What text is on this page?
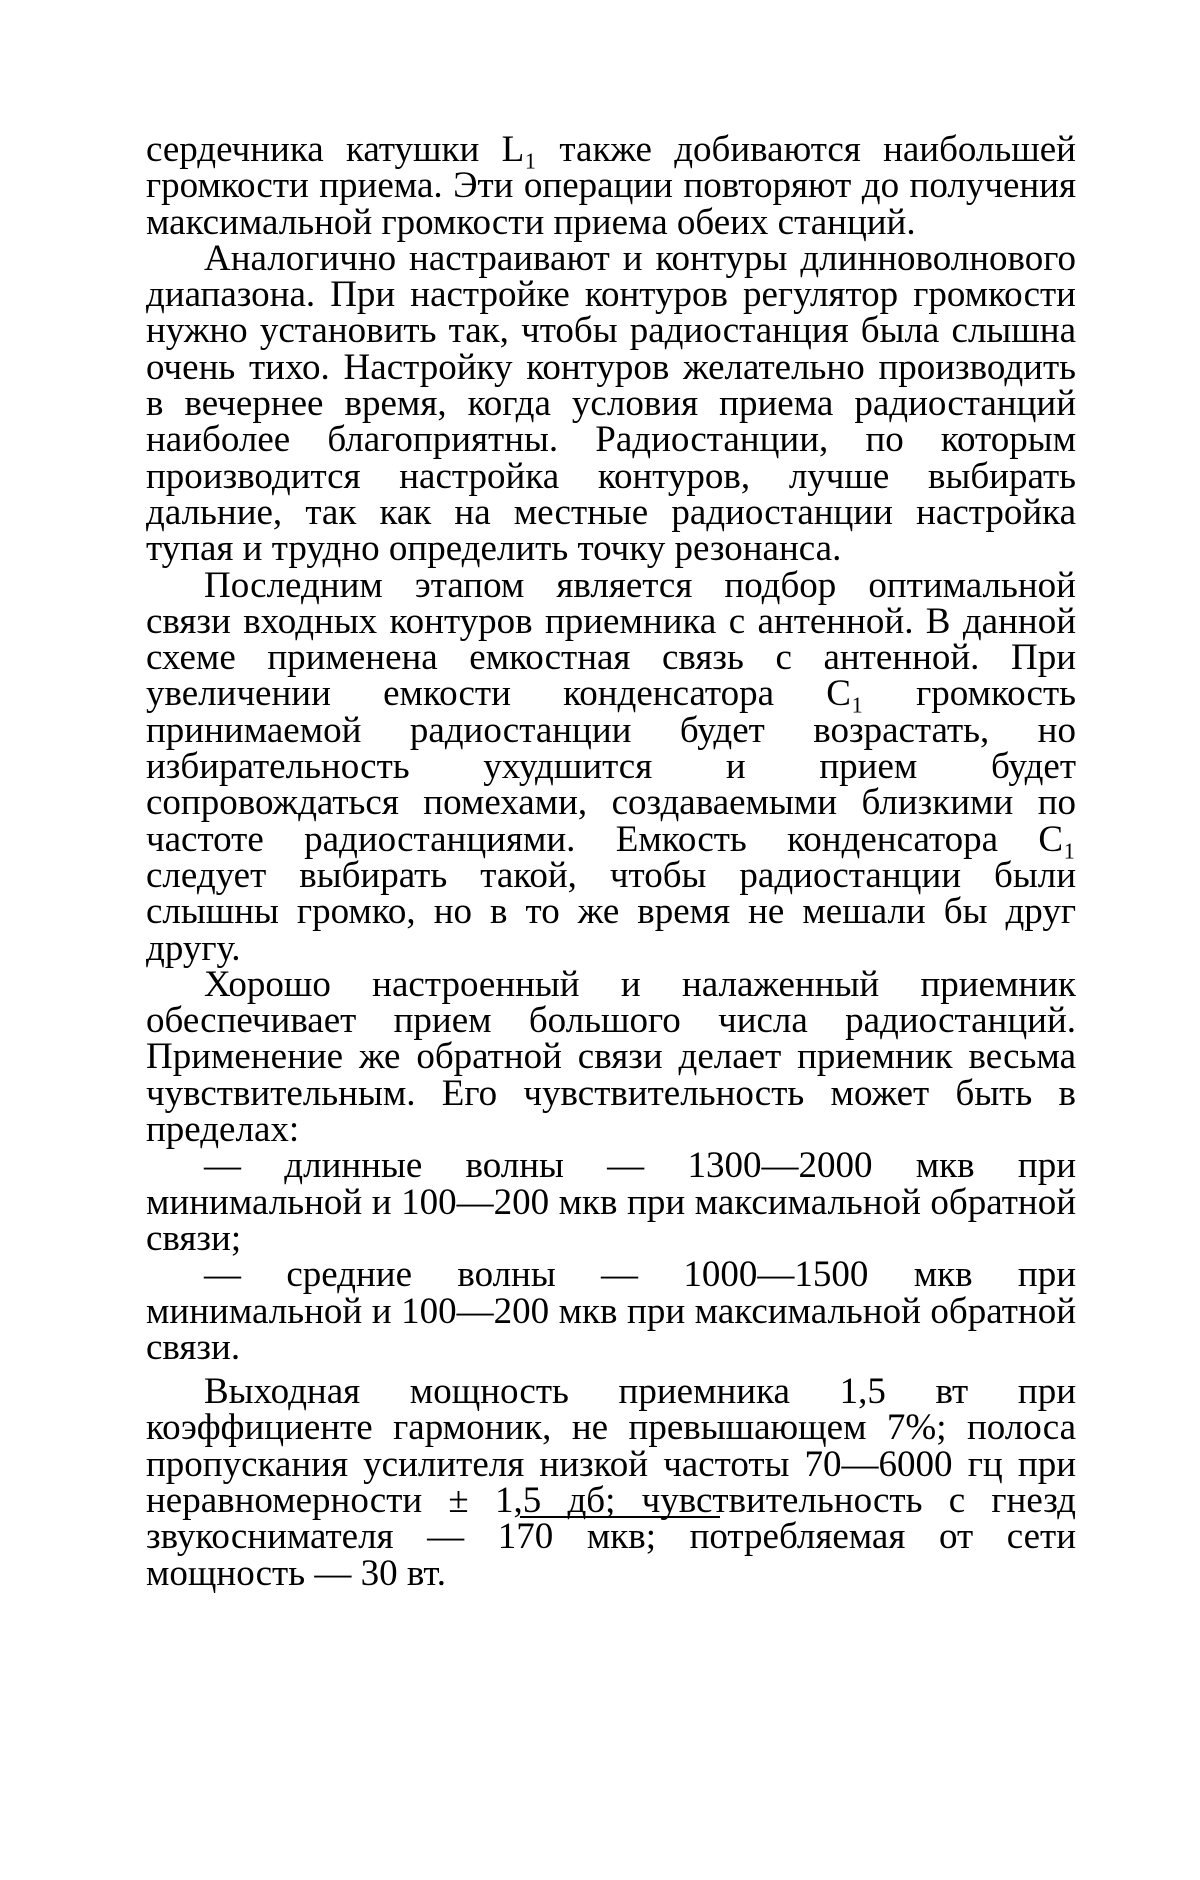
сердечника катушки L₁ также добиваются наибольшей громкости приема. Эти операции повторяют до получения максимальной громкости приема обеих станций.

Аналогично настраивают и контуры длинноволнового диапазона. При настройке контуров регулятор громкости нужно установить так, чтобы радиостанция была слышна очень тихо. Настройку контуров желательно производить в вечернее время, когда условия приема радиостанций наиболее благоприятны. Радиостанции, по которым производится настройка контуров, лучше выбирать дальние, так как на местные радиостанции настройка тупая и трудно определить точку резонанса.

Последним этапом является подбор оптимальной связи входных контуров приемника с антенной. В данной схеме применена емкостная связь с антенной. При увеличении емкости конденсатора C₁ громкость принимаемой радиостанции будет возрастать, но избирательность ухудшится и прием будет сопровождаться помехами, создаваемыми близкими по частоте радиостанциями. Емкость конденсатора C₁ следует выбирать такой, чтобы радиостанции были слышны громко, но в то же время не мешали бы друг другу.

Хорошо настроенный и налаженный приемник обеспечивает прием большого числа радиостанций. Применение же обратной связи делает приемник весьма чувствительным. Его чувствительность может быть в пределах:

— длинные волны — 1300—2000 мкв при минимальной и 100—200 мкв при максимальной обратной связи;

— средние волны — 1000—1500 мкв при минимальной и 100—200 мкв при максимальной обратной связи.

Выходная мощность приемника 1,5 вт при коэффициенте гармоник, не превышающем 7%; полоса пропускания усилителя низкой частоты 70—6000 гц при неравномерности ± 1,5 дб; чувствительность с гнезд звукоснимателя — 170 мкв; потребляемая от сети мощность — 30 вт.
